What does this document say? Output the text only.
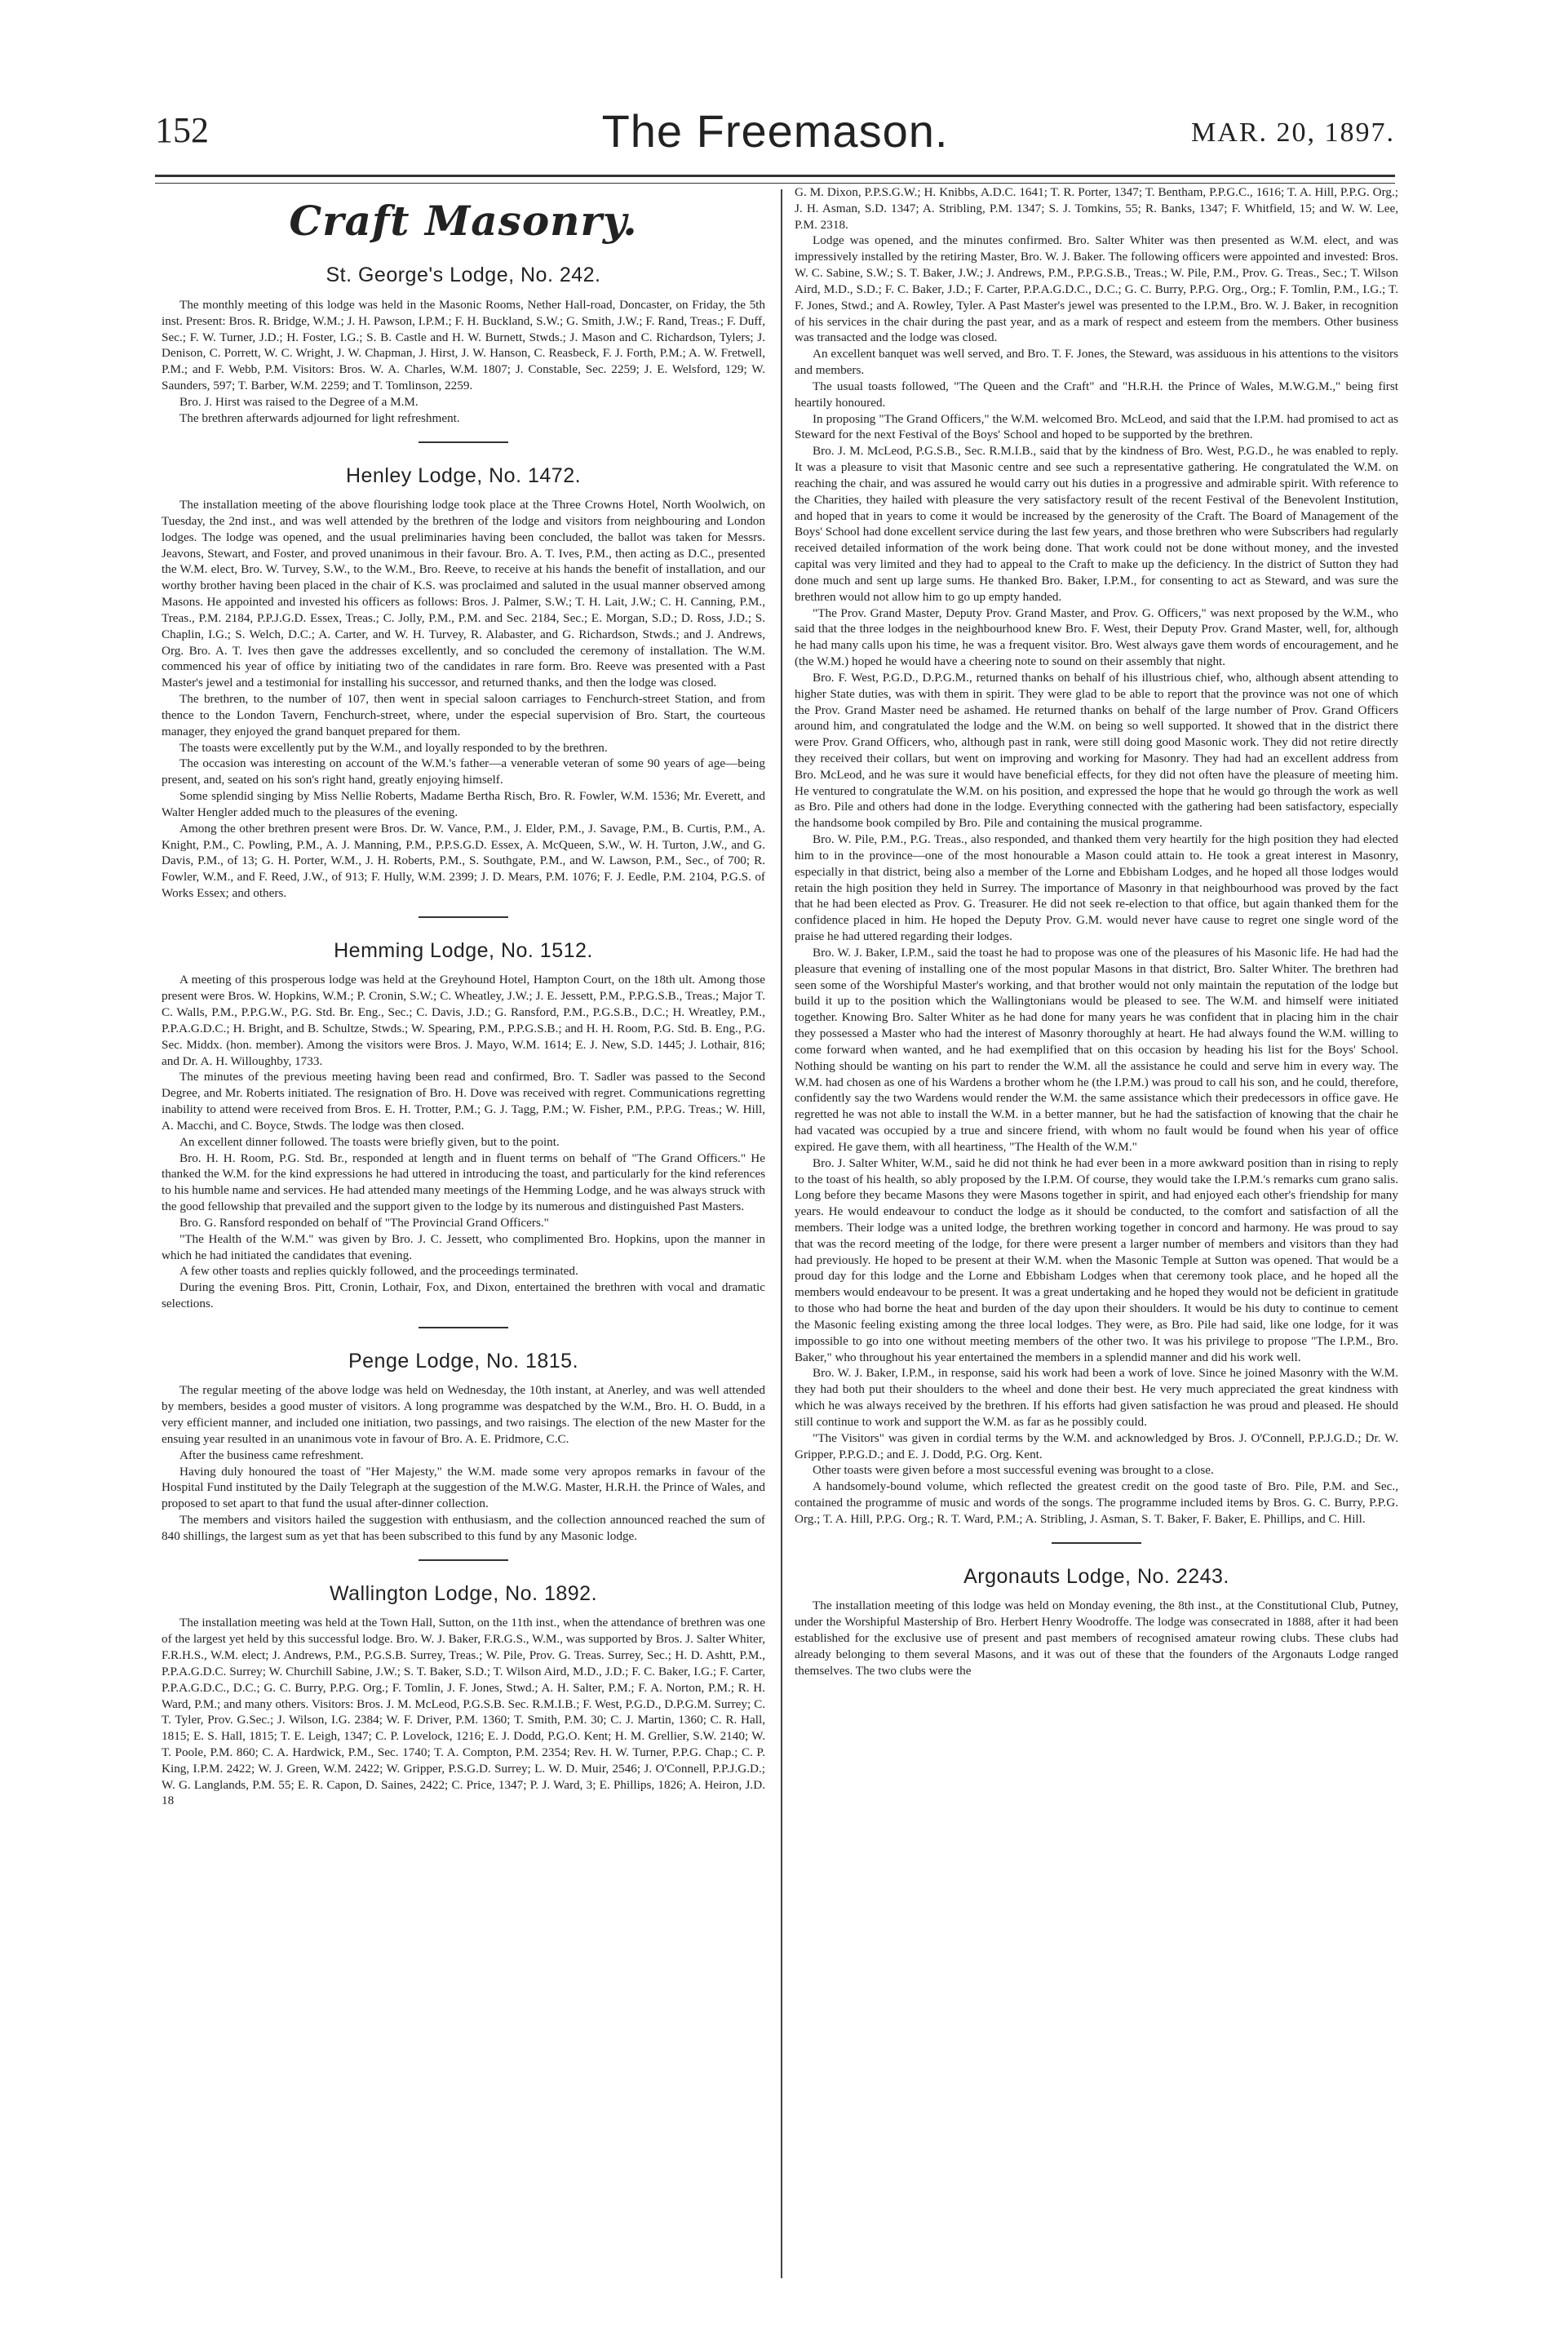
152	The Freemason.	MAR. 20, 1897.
Craft Masonry.
St. George's Lodge, No. 242.

The monthly meeting of this lodge was held in the Masonic Rooms, Nether Hall-road, Doncaster, on Friday, the 5th inst. Present: Bros. R. Bridge, W.M.; J. H. Pawson, I.P.M.; F. H. Buckland, S.W.; G. Smith, J.W.; F. Rand, Treas.; F. Duff, Sec.; F. W. Turner, J.D.; H. Foster, I.G.; S. B. Castle and H. W. Burnett, Stwds.; J. Mason and C. Richardson, Tylers; J. Denison, C. Porrett, W. C. Wright, J. W. Chapman, J. Hirst, J. W. Hanson, C. Reasbeck, F. J. Forth, P.M.; A. W. Fretwell, P.M.; and F. Webb, P.M. Visitors: Bros. W. A. Charles, W.M. 1807; J. Constable, Sec. 2259; J. E. Welsford, 129; W. Saunders, 597; T. Barber, W.M. 2259; and T. Tomlinson, 2259.

Bro. J. Hirst was raised to the Degree of a M.M.

The brethren afterwards adjourned for light refreshment.

Henley Lodge, No. 1472.

The installation meeting of the above flourishing lodge took place at the Three Crowns Hotel, North Woolwich, on Tuesday, the 2nd inst., and was well attended by the brethren of the lodge and visitors from neighbouring and London lodges. The lodge was opened, and the usual preliminaries having been concluded, the ballot was taken for Messrs. Jeavons, Stewart, and Foster, and proved unanimous in their favour. Bro. A. T. Ives, P.M., then acting as D.C., presented the W.M. elect, Bro. W. Turvey, S.W., to the W.M., Bro. Reeve, to receive at his hands the benefit of installation, and our worthy brother having been placed in the chair of K.S. was proclaimed and saluted in the usual manner observed among Masons. He appointed and invested his officers as follows: Bros. J. Palmer, S.W.; T. H. Lait, J.W.; C. H. Canning, P.M., Treas., P.M. 2184, P.P.J.G.D. Essex, Treas.; C. Jolly, P.M., P.M. and Sec. 2184, Sec.; E. Morgan, S.D.; D. Ross, J.D.; S. Chaplin, I.G.; S. Welch, D.C.; A. Carter, and W. H. Turvey, R. Alabaster, and G. Richardson, Stwds.; and J. Andrews, Org. Bro. A. T. Ives then gave the addresses excellently, and so concluded the ceremony of installation. The W.M. commenced his year of office by initiating two of the candidates in rare form. Bro. Reeve was presented with a Past Master's jewel and a testimonial for installing his successor, and returned thanks, and then the lodge was closed.

The brethren, to the number of 107, then went in special saloon carriages to Fenchurch-street Station, and from thence to the London Tavern, Fenchurch-street, where, under the especial supervision of Bro. Start, the courteous manager, they enjoyed the grand banquet prepared for them.

The toasts were excellently put by the W.M., and loyally responded to by the brethren.

The occasion was interesting on account of the W.M.'s father—a venerable veteran of some 90 years of age—being present, and, seated on his son's right hand, greatly enjoying himself.

Some splendid singing by Miss Nellie Roberts, Madame Bertha Risch, Bro. R. Fowler, W.M. 1536; Mr. Everett, and Walter Hengler added much to the pleasures of the evening.

Among the other brethren present were Bros. Dr. W. Vance, P.M., J. Elder, P.M., J. Savage, P.M., B. Curtis, P.M., A. Knight, P.M., C. Powling, P.M., A. J. Manning, P.M., P.P.S.G.D. Essex, A. McQueen, S.W., W. H. Turton, J.W., and G. Davis, P.M., of 13; G. H. Porter, W.M., J. H. Roberts, P.M., S. Southgate, P.M., and W. Lawson, P.M., Sec., of 700; R. Fowler, W.M., and F. Reed, J.W., of 913; F. Hully, W.M. 2399; J. D. Mears, P.M. 1076; F. J. Eedle, P.M. 2104, P.G.S. of Works Essex; and others.

Hemming Lodge, No. 1512.

A meeting of this prosperous lodge was held at the Greyhound Hotel, Hampton Court, on the 18th ult. Among those present were Bros. W. Hopkins, W.M.; P. Cronin, S.W.; C. Wheatley, J.W.; J. E. Jessett, P.M., P.P.G.S.B., Treas.; Major T. C. Walls, P.M., P.P.G.W., P.G. Std. Br. Eng., Sec.; C. Davis, J.D.; G. Ransford, P.M., P.G.S.B., D.C.; H. Wreatley, P.M., P.P.A.G.D.C.; H. Bright, and B. Schultze, Stwds.; W. Spearing, P.M., P.P.G.S.B.; and H. H. Room, P.G. Std. B. Eng., P.G. Sec. Middx. (hon. member). Among the visitors were Bros. J. Mayo, W.M. 1614; E. J. New, S.D. 1445; J. Lothair, 816; and Dr. A. H. Willoughby, 1733.

The minutes of the previous meeting having been read and confirmed, Bro. T. Sadler was passed to the Second Degree, and Mr. Roberts initiated. The resignation of Bro. H. Dove was received with regret. Communications regretting inability to attend were received from Bros. E. H. Trotter, P.M.; G. J. Tagg, P.M.; W. Fisher, P.M., P.P.G. Treas.; W. Hill, A. Macchi, and C. Boyce, Stwds. The lodge was then closed.

An excellent dinner followed. The toasts were briefly given, but to the point.

Bro. H. H. Room, P.G. Std. Br., responded at length and in fluent terms on behalf of "The Grand Officers." He thanked the W.M. for the kind expressions he had uttered in introducing the toast, and particularly for the kind references to his humble name and services. He had attended many meetings of the Hemming Lodge, and he was always struck with the good fellowship that prevailed and the support given to the lodge by its numerous and distinguished Past Masters.

Bro. G. Ransford responded on behalf of "The Provincial Grand Officers."

"The Health of the W.M." was given by Bro. J. C. Jessett, who complimented Bro. Hopkins, upon the manner in which he had initiated the candidates that evening.

A few other toasts and replies quickly followed, and the proceedings terminated.

During the evening Bros. Pitt, Cronin, Lothair, Fox, and Dixon, entertained the brethren with vocal and dramatic selections.

Penge Lodge, No. 1815.

The regular meeting of the above lodge was held on Wednesday, the 10th instant, at Anerley, and was well attended by members, besides a good muster of visitors. A long programme was despatched by the W.M., Bro. H. O. Budd, in a very efficient manner, and included one initiation, two passings, and two raisings. The election of the new Master for the ensuing year resulted in an unanimous vote in favour of Bro. A. E. Pridmore, C.C.

After the business came refreshment.

Having duly honoured the toast of "Her Majesty," the W.M. made some very apropos remarks in favour of the Hospital Fund instituted by the Daily Telegraph at the suggestion of the M.W.G. Master, H.R.H. the Prince of Wales, and proposed to set apart to that fund the usual after-dinner collection.

The members and visitors hailed the suggestion with enthusiasm, and the collection announced reached the sum of 840 shillings, the largest sum as yet that has been subscribed to this fund by any Masonic lodge.

Wallington Lodge, No. 1892.

The installation meeting was held at the Town Hall, Sutton, on the 11th inst., when the attendance of brethren was one of the largest yet held by this successful lodge. Bro. W. J. Baker, F.R.G.S., W.M., was supported by Bros. J. Salter Whiter, F.R.H.S., W.M. elect; J. Andrews, P.M., P.G.S.B. Surrey, Treas.; W. Pile, Prov. G. Treas. Surrey, Sec.; H. D. Ashtt, P.M., P.P.A.G.D.C. Surrey; W. Churchill Sabine, J.W.; S. T. Baker, S.D.; T. Wilson Aird, M.D., J.D.; F. C. Baker, I.G.; F. Carter, P.P.A.G.D.C., D.C.; G. C. Burry, P.P.G. Org.; F. Tomlin, J. F. Jones, Stwd.; A. H. Salter, P.M.; F. A. Norton, P.M.; R. H. Ward, P.M.; and many others. Visitors: Bros. J. M. McLeod, P.G.S.B. Sec. R.M.I.B.; F. West, P.G.D., D.P.G.M. Surrey; C. T. Tyler, Prov. G.Sec.; J. Wilson, I.G. 2384; W. F. Driver, P.M. 1360; T. Smith, P.M. 30; C. J. Martin, 1360; C. R. Hall, 1815; E. S. Hall, 1815; T. E. Leigh, 1347; C. P. Lovelock, 1216; E. J. Dodd, P.G.O. Kent; H. M. Grellier, S.W. 2140; W. T. Poole, P.M. 860; C. A. Hardwick, P.M., Sec. 1740; T. A. Compton, P.M. 2354; Rev. H. W. Turner, P.P.G. Chap.; C. P. King, I.P.M. 2422; W. J. Green, W.M. 2422; W. Gripper, P.S.G.D. Surrey; L. W. D. Muir, 2546; J. O'Connell, P.P.J.G.D.; W. G. Langlands, P.M. 55; E. R. Capon, D. Saines, 2422; C. Price, 1347; P. J. Ward, 3; E. Phillips, 1826; A. Heiron, J.D. 18

G. M. Dixon, P.P.S.G.W.; H. Knibbs, A.D.C. 1641; T. R. Porter, 1347; T. Bentham, P.P.G.C., 1616; T. A. Hill, P.P.G. Org.; J. H. Asman, S.D. 1347; A. Stribling, P.M. 1347; S. J. Tomkins, 55; R. Banks, 1347; F. Whitfield, 15; and W. W. Lee, P.M. 2318.

Lodge was opened, and the minutes confirmed. Bro. Salter Whiter was then presented as W.M. elect, and was impressively installed by the retiring Master, Bro. W. J. Baker. The following officers were appointed and invested: Bros. W. C. Sabine, S.W.; S. T. Baker, J.W.; J. Andrews, P.M., P.P.G.S.B., Treas.; W. Pile, P.M., Prov. G. Treas., Sec.; T. Wilson Aird, M.D., S.D.; F. C. Baker, J.D.; F. Carter, P.P.A.G.D.C., D.C.; G. C. Burry, P.P.G. Org., Org.; F. Tomlin, P.M., I.G.; T. F. Jones, Stwd.; and A. Rowley, Tyler. A Past Master's jewel was presented to the I.P.M., Bro. W. J. Baker, in recognition of his services in the chair during the past year, and as a mark of respect and esteem from the members. Other business was transacted and the lodge was closed.

An excellent banquet was well served, and Bro. T. F. Jones, the Steward, was assiduous in his attentions to the visitors and members.

The usual toasts followed, "The Queen and the Craft" and "H.R.H. the Prince of Wales, M.W.G.M.," being first heartily honoured.

In proposing "The Grand Officers," the W.M. welcomed Bro. McLeod, and said that the I.P.M. had promised to act as Steward for the next Festival of the Boys' School and hoped to be supported by the brethren.

Bro. J. M. McLeod, P.G.S.B., Sec. R.M.I.B., said that by the kindness of Bro. West, P.G.D., he was enabled to reply. It was a pleasure to visit that Masonic centre and see such a representative gathering. He congratulated the W.M. on reaching the chair, and was assured he would carry out his duties in a progressive and admirable spirit. With reference to the Charities, they hailed with pleasure the very satisfactory result of the recent Festival of the Benevolent Institution, and hoped that in years to come it would be increased by the generosity of the Craft. The Board of Management of the Boys' School had done excellent service during the last few years, and those brethren who were Subscribers had regularly received detailed information of the work being done. That work could not be done without money, and the invested capital was very limited and they had to appeal to the Craft to make up the deficiency. In the district of Sutton they had done much and sent up large sums. He thanked Bro. Baker, I.P.M., for consenting to act as Steward, and was sure the brethren would not allow him to go up empty handed.

"The Prov. Grand Master, Deputy Prov. Grand Master, and Prov. G. Officers," was next proposed by the W.M., who said that the three lodges in the neighbourhood knew Bro. F. West, their Deputy Prov. Grand Master, well, for, although he had many calls upon his time, he was a frequent visitor. Bro. West always gave them words of encouragement, and he (the W.M.) hoped he would have a cheering note to sound on their assembly that night.

Bro. F. West, P.G.D., D.P.G.M., returned thanks on behalf of his illustrious chief, who, although absent attending to higher State duties, was with them in spirit. They were glad to be able to report that the province was not one of which the Prov. Grand Master need be ashamed. He returned thanks on behalf of the large number of Prov. Grand Officers around him, and congratulated the lodge and the W.M. on being so well supported. It showed that in the district there were Prov. Grand Officers, who, although past in rank, were still doing good Masonic work. They did not retire directly they received their collars, but went on improving and working for Masonry. They had had an excellent address from Bro. McLeod, and he was sure it would have beneficial effects, for they did not often have the pleasure of meeting him. He ventured to congratulate the W.M. on his position, and expressed the hope that he would go through the work as well as Bro. Pile and others had done in the lodge. Everything connected with the gathering had been satisfactory, especially the handsome book compiled by Bro. Pile and containing the musical programme.

Bro. W. Pile, P.M., P.G. Treas., also responded, and thanked them very heartily for the high position they had elected him to in the province—one of the most honourable a Mason could attain to. He took a great interest in Masonry, especially in that district, being also a member of the Lorne and Ebbisham Lodges, and he hoped all those lodges would retain the high position they held in Surrey. The importance of Masonry in that neighbourhood was proved by the fact that he had been elected as Prov. G. Treasurer. He did not seek re-election to that office, but again thanked them for the confidence placed in him. He hoped the Deputy Prov. G.M. would never have cause to regret one single word of the praise he had uttered regarding their lodges.

Bro. W. J. Baker, I.P.M., said the toast he had to propose was one of the pleasures of his Masonic life. He had had the pleasure that evening of installing one of the most popular Masons in that district, Bro. Salter Whiter. The brethren had seen some of the Worshipful Master's working, and that brother would not only maintain the reputation of the lodge but build it up to the position which the Wallingtonians would be pleased to see. The W.M. and himself were initiated together. Knowing Bro. Salter Whiter as he had done for many years he was confident that in placing him in the chair they possessed a Master who had the interest of Masonry thoroughly at heart. He had always found the W.M. willing to come forward when wanted, and he had exemplified that on this occasion by heading his list for the Boys' School. Nothing should be wanting on his part to render the W.M. all the assistance he could and serve him in every way. The W.M. had chosen as one of his Wardens a brother whom he (the I.P.M.) was proud to call his son, and he could, therefore, confidently say the two Wardens would render the W.M. the same assistance which their predecessors in office gave. He regretted he was not able to install the W.M. in a better manner, but he had the satisfaction of knowing that the chair he had vacated was occupied by a true and sincere friend, with whom no fault would be found when his year of office expired. He gave them, with all heartiness, "The Health of the W.M."

Bro. J. Salter Whiter, W.M., said he did not think he had ever been in a more awkward position than in rising to reply to the toast of his health, so ably proposed by the I.P.M. Of course, they would take the I.P.M.'s remarks cum grano salis. Long before they became Masons they were Masons together in spirit, and had enjoyed each other's friendship for many years. He would endeavour to conduct the lodge as it should be conducted, to the comfort and satisfaction of all the members. Their lodge was a united lodge, the brethren working together in concord and harmony. He was proud to say that was the record meeting of the lodge, for there were present a larger number of members and visitors than they had had previously. He hoped to be present at their W.M. when the Masonic Temple at Sutton was opened. That would be a proud day for this lodge and the Lorne and Ebbisham Lodges when that ceremony took place, and he hoped all the members would endeavour to be present. It was a great undertaking and he hoped they would not be deficient in gratitude to those who had borne the heat and burden of the day upon their shoulders. It would be his duty to continue to cement the Masonic feeling existing among the three local lodges. They were, as Bro. Pile had said, like one lodge, for it was impossible to go into one without meeting members of the other two. It was his privilege to propose "The I.P.M., Bro. Baker," who throughout his year entertained the members in a splendid manner and did his work well.

Bro. W. J. Baker, I.P.M., in response, said his work had been a work of love. Since he joined Masonry with the W.M. they had both put their shoulders to the wheel and done their best. He very much appreciated the great kindness with which he was always received by the brethren. If his efforts had given satisfaction he was proud and pleased. He should still continue to work and support the W.M. as far as he possibly could.

"The Visitors" was given in cordial terms by the W.M. and acknowledged by Bros. J. O'Connell, P.P.J.G.D.; Dr. W. Gripper, P.P.G.D.; and E. J. Dodd, P.G. Org. Kent.

Other toasts were given before a most successful evening was brought to a close.

A handsomely-bound volume, which reflected the greatest credit on the good taste of Bro. Pile, P.M. and Sec., contained the programme of music and words of the songs. The programme included items by Bros. G. C. Burry, P.P.G. Org.; T. A. Hill, P.P.G. Org.; R. T. Ward, P.M.; A. Stribling, J. Asman, S. T. Baker, F. Baker, E. Phillips, and C. Hill.

Argonauts Lodge, No. 2243.

The installation meeting of this lodge was held on Monday evening, the 8th inst., at the Constitutional Club, Putney, under the Worshipful Mastership of Bro. Herbert Henry Woodroffe. The lodge was consecrated in 1888, after it had been established for the exclusive use of present and past members of recognised amateur rowing clubs. These clubs had already belonging to them several Masons, and it was out of these that the founders of the Argonauts Lodge ranged themselves. The two clubs were the
